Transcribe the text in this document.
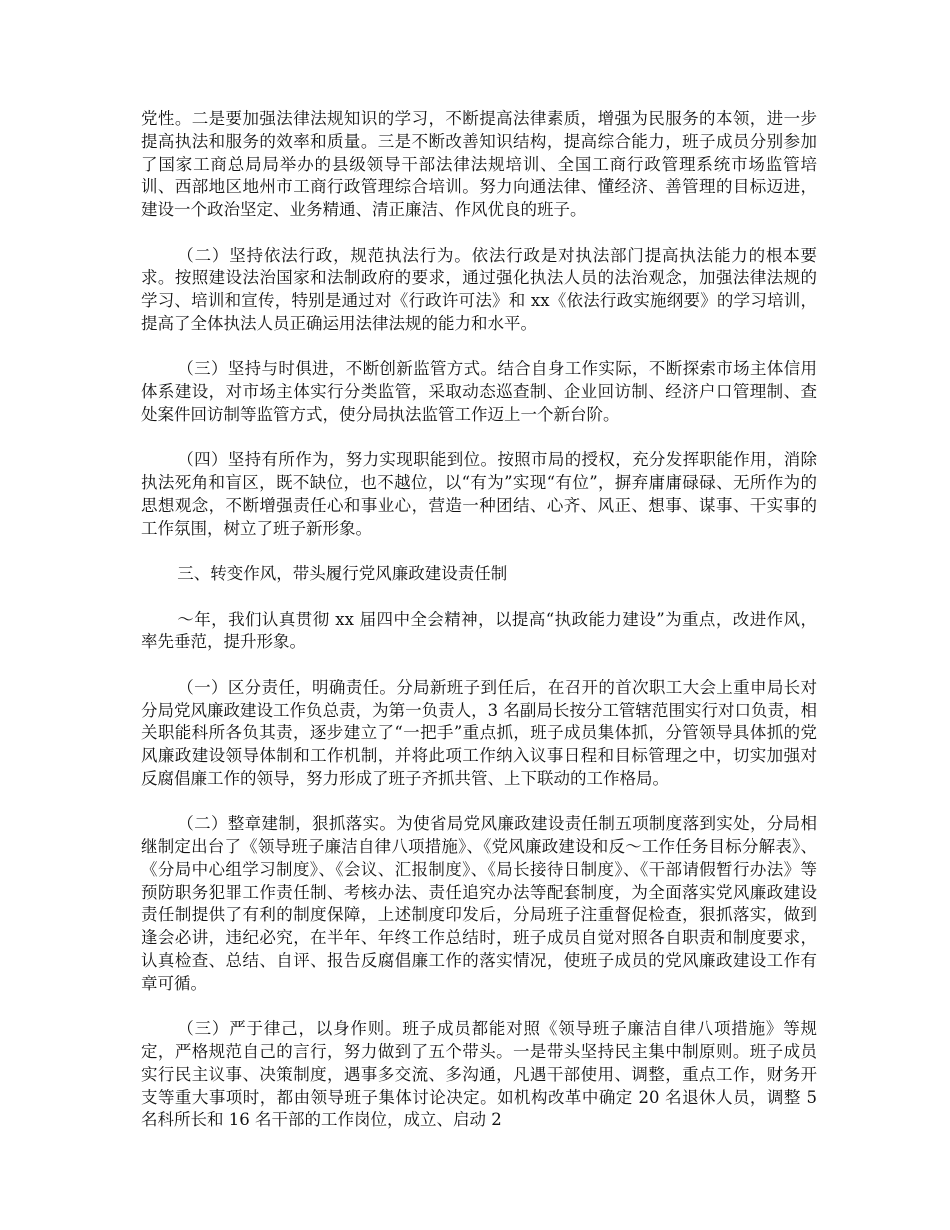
党性。二是要加强法律法规知识的学习，不断提高法律素质，增强为民服务的本领，进一步提高执法和服务的效率和质量。三是不断改善知识结构，提高综合能力，班子成员分别参加了国家工商总局局举办的县级领导干部法律法规培训、全国工商行政管理系统市场监管培训、西部地区地州市工商行政管理综合培训。努力向通法律、懂经济、善管理的目标迈进，建设一个政治坚定、业务精通、清正廉洁、作风优良的班子。

（二）坚持依法行政，规范执法行为。依法行政是对执法部门提高执法能力的根本要求。按照建设法治国家和法制政府的要求，通过强化执法人员的法治观念，加强法律法规的学习、培训和宣传，特别是通过对《行政许可法》和 xx《依法行政实施纲要》的学习培训，提高了全体执法人员正确运用法律法规的能力和水平。

（三）坚持与时俱进，不断创新监管方式。结合自身工作实际，不断探索市场主体信用体系建设，对市场主体实行分类监管，采取动态巡查制、企业回访制、经济户口管理制、查处案件回访制等监管方式，使分局执法监管工作迈上一个新台阶。

（四）坚持有所作为，努力实现职能到位。按照市局的授权，充分发挥职能作用，消除执法死角和盲区，既不缺位，也不越位，以“有为”实现“有位”，摒弃庸庸碌碌、无所作为的思想观念，不断增强责任心和事业心，营造一种团结、心齐、风正、想事、谋事、干实事的工作氛围，树立了班子新形象。

三、转变作风，带头履行党风廉政建设责任制

～年，我们认真贯彻 xx 届四中全会精神，以提高“执政能力建设”为重点，改进作风，率先垂范，提升形象。

（一）区分责任，明确责任。分局新班子到任后，在召开的首次职工大会上重申局长对分局党风廉政建设工作负总责，为第一负责人，3 名副局长按分工管辖范围实行对口负责，相关职能科所各负其责，逐步建立了“一把手”重点抓，班子成员集体抓，分管领导具体抓的党风廉政建设领导体制和工作机制，并将此项工作纳入议事日程和目标管理之中，切实加强对反腐倡廉工作的领导，努力形成了班子齐抓共管、上下联动的工作格局。

（二）整章建制，狠抓落实。为使省局党风廉政建设责任制五项制度落到实处，分局相继制定出台了《领导班子廉洁自律八项措施》、《党风廉政建设和反～工作任务目标分解表》、《分局中心组学习制度》、《会议、汇报制度》、《局长接待日制度》、《干部请假暂行办法》等预防职务犯罪工作责任制、考核办法、责任追究办法等配套制度，为全面落实党风廉政建设责任制提供了有利的制度保障，上述制度印发后，分局班子注重督促检查，狠抓落实，做到逢会必讲，违纪必究，在半年、年终工作总结时，班子成员自觉对照各自职责和制度要求，认真检查、总结、自评、报告反腐倡廉工作的落实情况，使班子成员的党风廉政建设工作有章可循。

（三）严于律己，以身作则。班子成员都能对照《领导班子廉洁自律八项措施》等规定，严格规范自己的言行，努力做到了五个带头。一是带头坚持民主集中制原则。班子成员实行民主议事、决策制度，遇事多交流、多沟通，凡遇干部使用、调整，重点工作，财务开支等重大事项时，都由领导班子集体讨论决定。如机构改革中确定 20 名退休人员，调整 5 名科所长和 16 名干部的工作岗位，成立、启动 2
